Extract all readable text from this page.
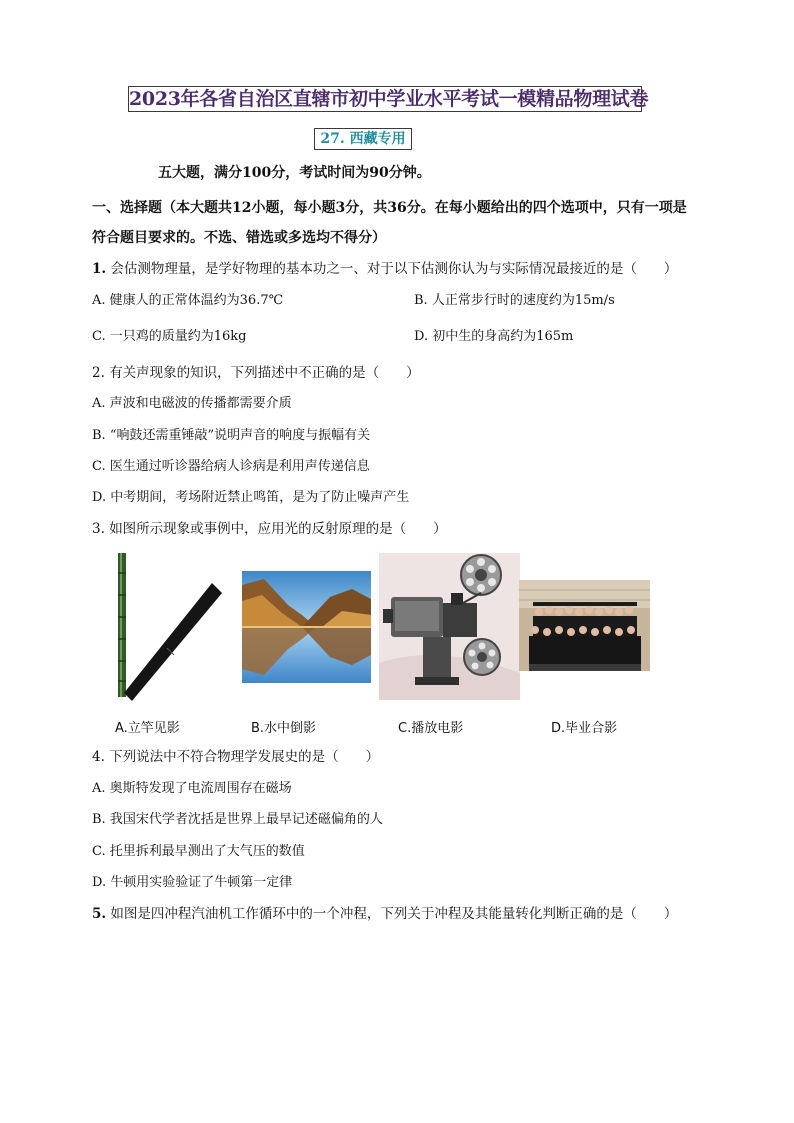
2023年各省自治区直辖市初中学业水平考试一模精品物理试卷
27. 西藏专用
五大题，满分100分，考试时间为90分钟。
一、选择题（本大题共12小题，每小题3分，共36分。在每小题给出的四个选项中，只有一项是
符合题目要求的。不选、错选或多选均不得分）
1. 会估测物理量，是学好物理的基本功之一、对于以下估测你认为与实际情况最接近的是（　　）
A. 健康人的正常体温约为36.7℃	B. 人正常步行时的速度约为15m/s
C. 一只鸡的质量约为16kg	D. 初中生的身高约为165m
2. 有关声现象的知识，下列描述中不正确的是（　　）
A. 声波和电磁波的传播都需要介质
B. “响鼓还需重锤敲”说明声音的响度与振幅有关
C. 医生通过听诊器给病人诊病是利用声传递信息
D. 中考期间，考场附近禁止鸣笛，是为了防止噪声产生
3. 如图所示现象或事例中，应用光的反射原理的是（　　）
A.立竿见影	B.水中倒影	C.播放电影	D.毕业合影
4. 下列说法中不符合物理学发展史的是（　　）
A. 奥斯特发现了电流周围存在磁场
B. 我国宋代学者沈括是世界上最早记述磁偏角的人
C. 托里拆利最早测出了大气压的数值
D. 牛顿用实验验证了牛顿第一定律
5. 如图是四冲程汽油机工作循环中的一个冲程，下列关于冲程及其能量转化判断正确的是（　　）
